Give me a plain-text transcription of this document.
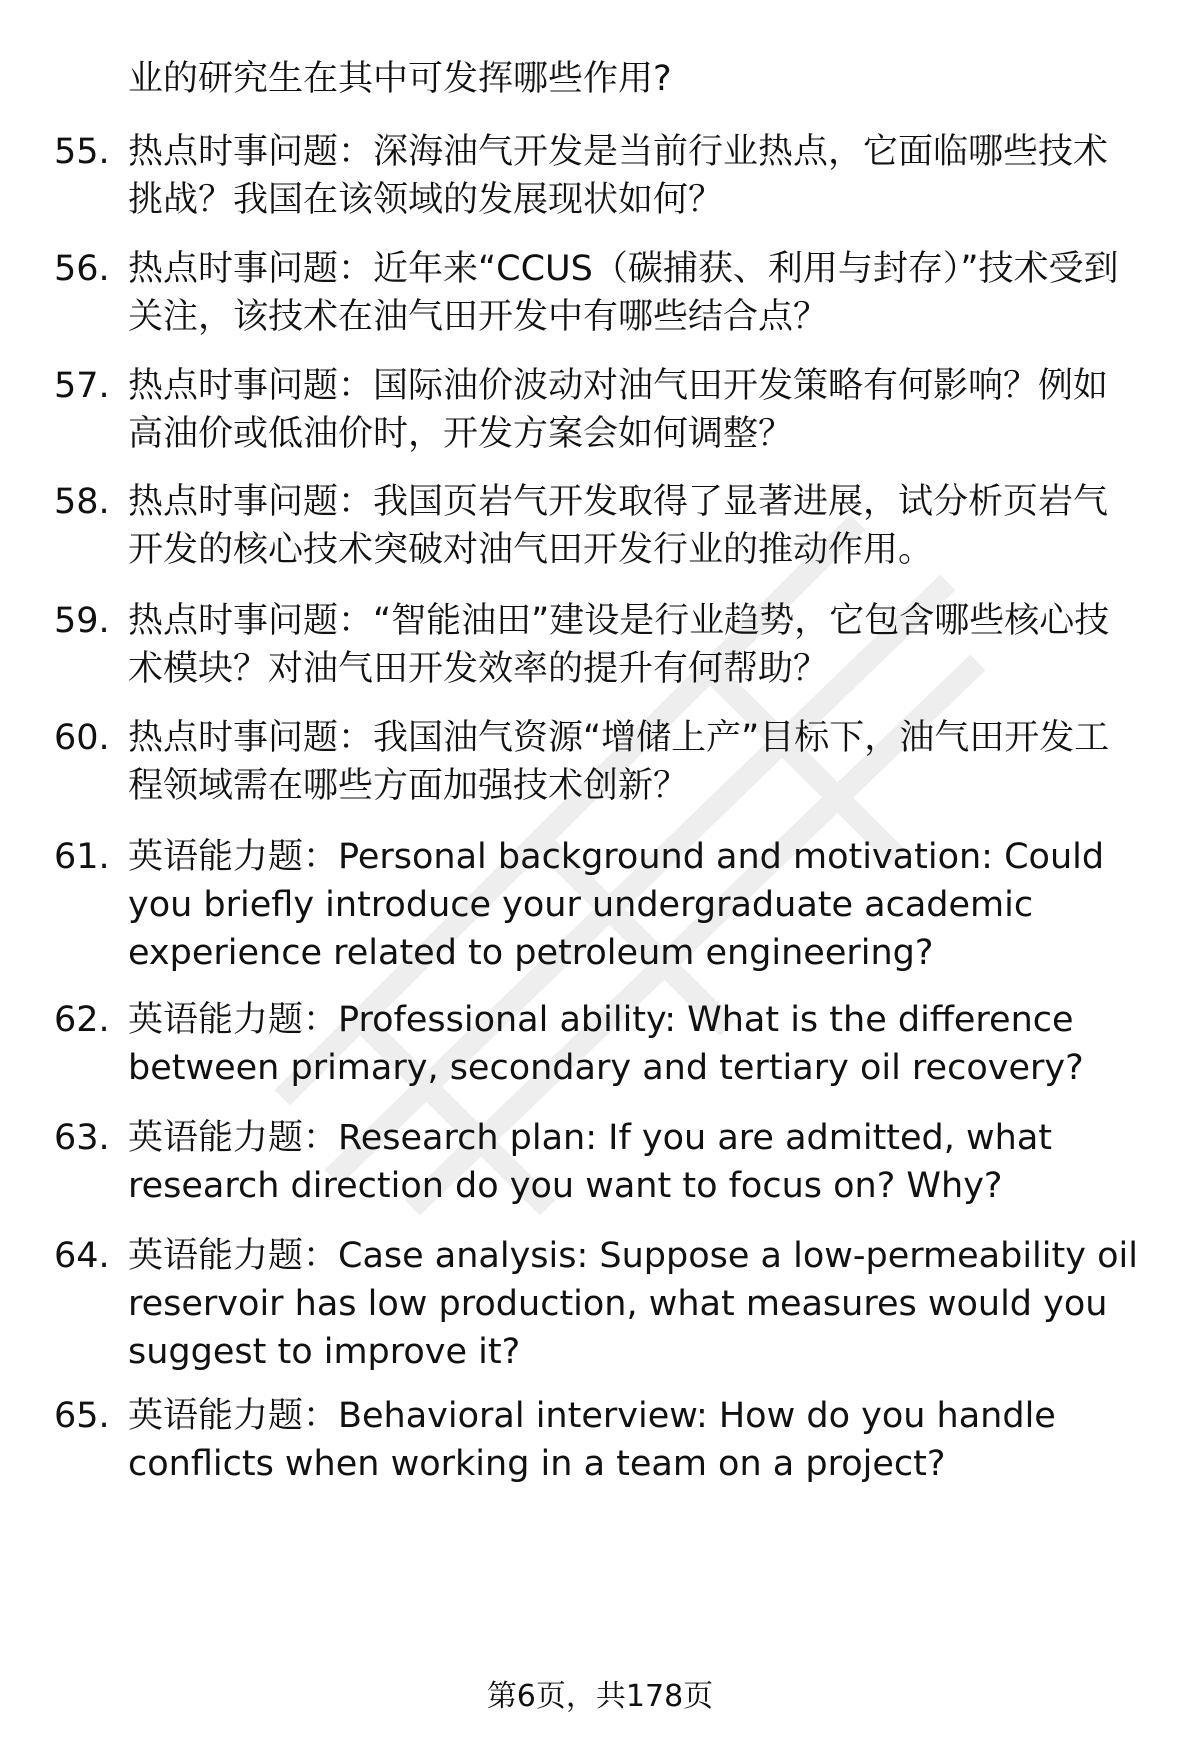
业的研究生在其中可发挥哪些作用?

55. 热点时事问题：深海油气开发是当前行业热点，它面临哪些技术挑战？我国在该领域的发展现状如何？
56. 热点时事问题：近年来“CCUS（碳捕获、利用与封存）”技术受到关注，该技术在油气田开发中有哪些结合点？
57. 热点时事问题：国际油价波动对油气田开发策略有何影响？例如高油价或低油价时，开发方案会如何调整？
58. 热点时事问题：我国页岩气开发取得了显著进展，试分析页岩气开发的核心技术突破对油气田开发行业的推动作用。
59. 热点时事问题：“智能油田”建设是行业趋势，它包含哪些核心技术模块？对油气田开发效率的提升有何帮助？
60. 热点时事问题：我国油气资源“增储上产”目标下，油气田开发工程领域需在哪些方面加强技术创新？
61. 英语能力题：Personal background and motivation: Could you briefly introduce your undergraduate academic experience related to petroleum engineering?
62. 英语能力题：Professional ability: What is the difference between primary, secondary and tertiary oil recovery?
63. 英语能力题：Research plan: If you are admitted, what research direction do you want to focus on? Why?
64. 英语能力题：Case analysis: Suppose a low-permeability oil reservoir has low production, what measures would you suggest to improve it?
65. 英语能力题：Behavioral interview: How do you handle conflicts when working in a team on a project?
第6页，共178页
